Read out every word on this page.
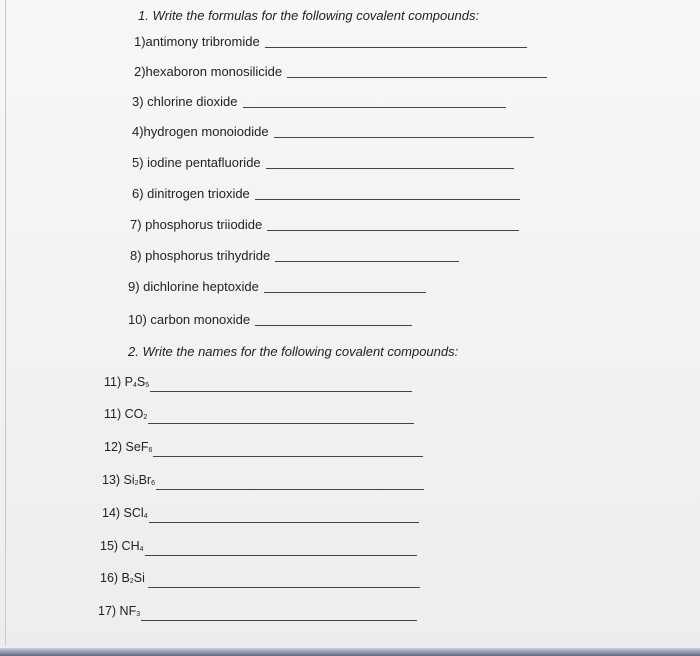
1. Write the formulas for the following covalent compounds:
1)antimony tribromide
2)hexaboron monosilicide
3) chlorine dioxide
4)hydrogen monoiodide
5) iodine pentafluoride
6) dinitrogen trioxide
7) phosphorus triiodide
8) phosphorus trihydride
9) dichlorine heptoxide
10) carbon monoxide
2. Write the names for the following covalent compounds:
11) $P_4S_5$
11) $CO_2$
12) SeF$_6$
13) $Si_2Br_6$
14) SCl$_4$
15) $CH_4$
16) $B_2Si$
17) $NF_3$
